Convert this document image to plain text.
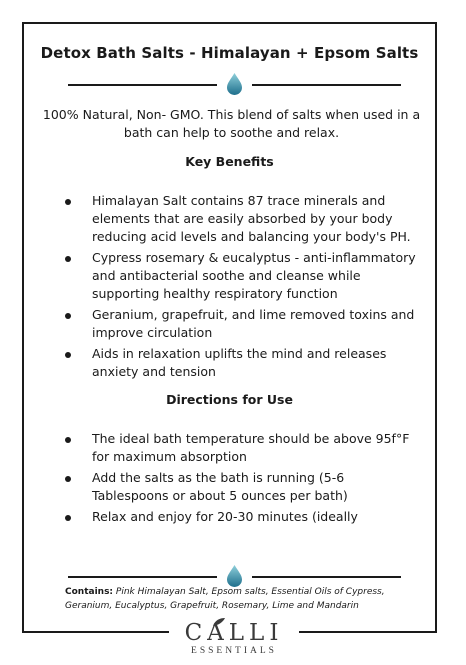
Detox Bath Salts - Himalayan + Epsom Salts
100% Natural, Non- GMO. This blend of salts when used in a bath can help to soothe and relax.
Key Benefits
Himalayan Salt contains 87 trace minerals and elements that are easily absorbed by your body reducing acid levels and balancing your body's PH.
Cypress rosemary & eucalyptus - anti-inflammatory and antibacterial soothe and cleanse while supporting healthy respiratory function
Geranium, grapefruit, and lime removed toxins and improve circulation
Aids in relaxation uplifts the mind and releases anxiety and tension
Directions for Use
The ideal bath temperature should be above 95f°F for maximum absorption
Add the salts as the bath is running (5-6 Tablespoons or about 5 ounces per bath)
Relax and enjoy for 20-30 minutes (ideally
Contains: Pink Himalayan Salt, Epsom salts, Essential Oils of Cypress, Geranium, Eucalyptus, Grapefruit, Rosemary, Lime and Mandarin
CALLI
ESSENTIALS
